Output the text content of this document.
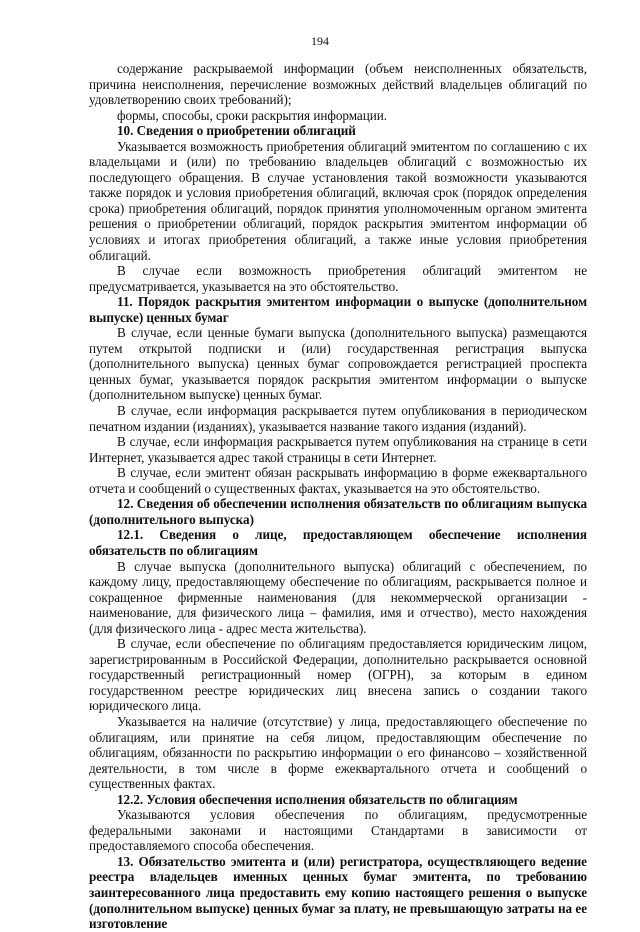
194

содержание раскрываемой информации (объем неисполненных обязательств, причина неисполнения, перечисление возможных действий владельцев облигаций по удовлетворению своих требований);

формы, способы, сроки раскрытия информации.

10. Сведения о приобретении облигаций

Указывается возможность приобретения облигаций эмитентом по соглашению с их владельцами и (или) по требованию владельцев облигаций с возможностью их последующего обращения. В случае установления такой возможности указываются также порядок и условия приобретения облигаций, включая срок (порядок определения срока) приобретения облигаций, порядок принятия уполномоченным органом эмитента решения о приобретении облигаций, порядок раскрытия эмитентом информации об условиях и итогах приобретения облигаций, а также иные условия приобретения облигаций.

В случае если возможность приобретения облигаций эмитентом не предусматривается, указывается на это обстоятельство.

11. Порядок раскрытия эмитентом информации о выпуске (дополнительном выпуске) ценных бумаг

В случае, если ценные бумаги выпуска (дополнительного выпуска) размещаются путем открытой подписки и (или) государственная регистрация выпуска (дополнительного выпуска) ценных бумаг сопровождается регистрацией проспекта ценных бумаг, указывается порядок раскрытия эмитентом информации о выпуске (дополнительном выпуске) ценных бумаг.

В случае, если информация раскрывается путем опубликования в периодическом печатном издании (изданиях), указывается название такого издания (изданий).

В случае, если информация раскрывается путем опубликования на странице в сети Интернет, указывается адрес такой страницы в сети Интернет.

В случае, если эмитент обязан раскрывать информацию в форме ежеквартального отчета и сообщений о существенных фактах, указывается на это обстоятельство.

12. Сведения об обеспечении исполнения обязательств по облигациям выпуска (дополнительного выпуска)

12.1. Сведения о лице, предоставляющем обеспечение исполнения обязательств по облигациям

В случае выпуска (дополнительного выпуска) облигаций с обеспечением, по каждому лицу, предоставляющему обеспечение по облигациям, раскрывается полное и сокращенное фирменные наименования (для некоммерческой организации - наименование, для физического лица – фамилия, имя и отчество), место нахождения (для физического лица - адрес места жительства).

В случае, если обеспечение по облигациям предоставляется юридическим лицом, зарегистрированным в Российской Федерации, дополнительно раскрывается основной государственный регистрационный номер (ОГРН), за которым в едином государственном реестре юридических лиц внесена запись о создании такого юридического лица.

Указывается на наличие (отсутствие) у лица, предоставляющего обеспечение по облигациям, или принятие на себя лицом, предоставляющим обеспечение по облигациям, обязанности по раскрытию информации о его финансово – хозяйственной деятельности, в том числе в форме ежеквартального отчета и сообщений о существенных фактах.

12.2. Условия обеспечения исполнения обязательств по облигациям

Указываются условия обеспечения по облигациям, предусмотренные федеральными законами и настоящими Стандартами в зависимости от предоставляемого способа обеспечения.

13. Обязательство эмитента и (или) регистратора, осуществляющего ведение реестра владельцев именных ценных бумаг эмитента, по требованию заинтересованного лица предоставить ему копию настоящего решения о выпуске (дополнительном выпуске) ценных бумаг за плату, не превышающую затраты на ее изготовление
